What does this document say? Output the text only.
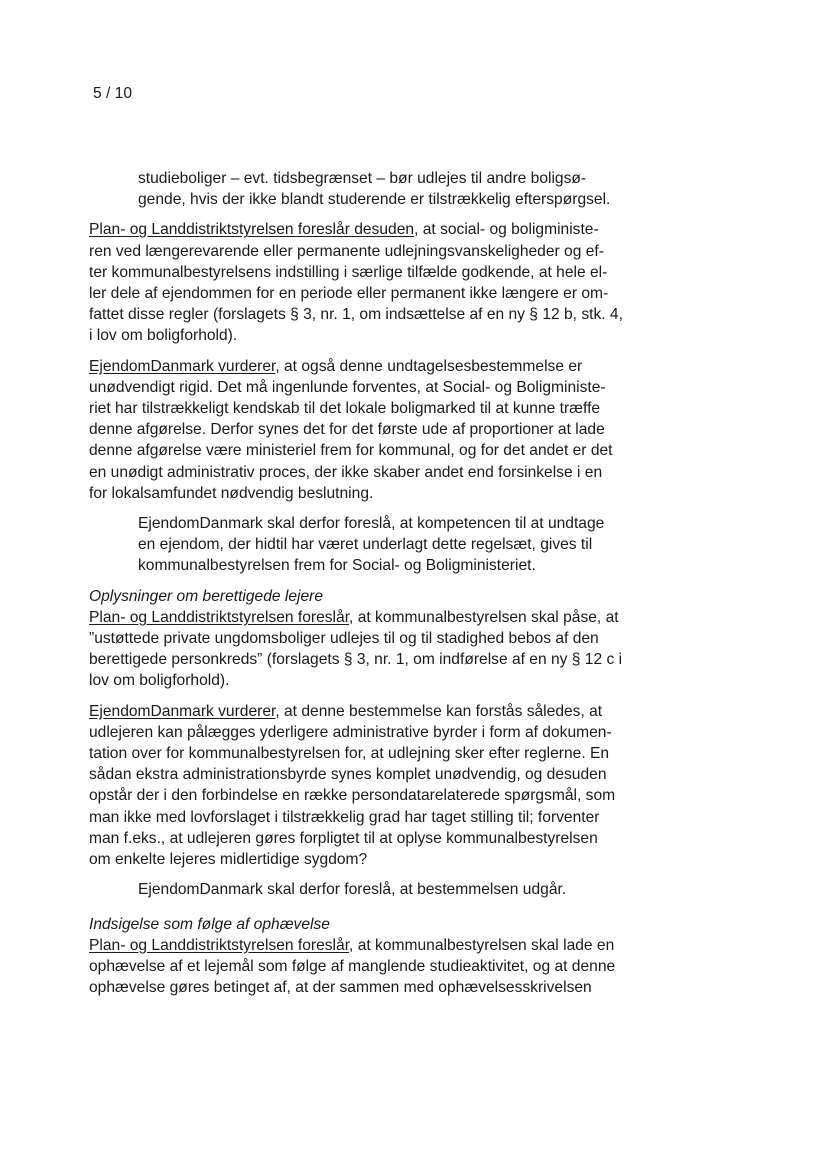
5 / 10

studieboliger – evt. tidsbegrænset – bør udlejes til andre boligsø-
gende, hvis der ikke blandt studerende er tilstrækkelig efterspørgsel.

Plan- og Landdistriktstyrelsen foreslår desuden, at social- og boligministe-
ren ved længerevarende eller permanente udlejningsvanskeligheder og ef-
ter kommunalbestyrelsens indstilling i særlige tilfælde godkende, at hele el-
ler dele af ejendommen for en periode eller permanent ikke længere er om-
fattet disse regler (forslagets § 3, nr. 1, om indsættelse af en ny § 12 b, stk. 4,
i lov om boligforhold).

EjendomDanmark vurderer, at også denne undtagelsesbestemmelse er
unødvendigt rigid. Det må ingenlunde forventes, at Social- og Boligministe-
riet har tilstrækkeligt kendskab til det lokale boligmarked til at kunne træffe
denne afgørelse. Derfor synes det for det første ude af proportioner at lade
denne afgørelse være ministeriel frem for kommunal, og for det andet er det
en unødigt administrativ proces, der ikke skaber andet end forsinkelse i en
for lokalsamfundet nødvendig beslutning.

EjendomDanmark skal derfor foreslå, at kompetencen til at undtage
en ejendom, der hidtil har været underlagt dette regelsæt, gives til
kommunalbestyrelsen frem for Social- og Boligministeriet.

Oplysninger om berettigede lejere
Plan- og Landdistriktstyrelsen foreslår, at kommunalbestyrelsen skal påse, at
”ustøttede private ungdomsboliger udlejes til og til stadighed bebos af den
berettigede personkreds” (forslagets § 3, nr. 1, om indførelse af en ny § 12 c i
lov om boligforhold).

EjendomDanmark vurderer, at denne bestemmelse kan forstås således, at
udlejeren kan pålægges yderligere administrative byrder i form af dokumen-
tation over for kommunalbestyrelsen for, at udlejning sker efter reglerne. En
sådan ekstra administrationsbyrde synes komplet unødvendig, og desuden
opstår der i den forbindelse en række persondatarelaterede spørgsmål, som
man ikke med lovforslaget i tilstrækkelig grad har taget stilling til; forventer
man f.eks., at udlejeren gøres forpligtet til at oplyse kommunalbestyrelsen
om enkelte lejeres midlertidige sygdom?

EjendomDanmark skal derfor foreslå, at bestemmelsen udgår.

Indsigelse som følge af ophævelse
Plan- og Landdistriktstyrelsen foreslår, at kommunalbestyrelsen skal lade en
ophævelse af et lejemål som følge af manglende studieaktivitet, og at denne
ophævelse gøres betinget af, at der sammen med ophævelsesskrivelsen
